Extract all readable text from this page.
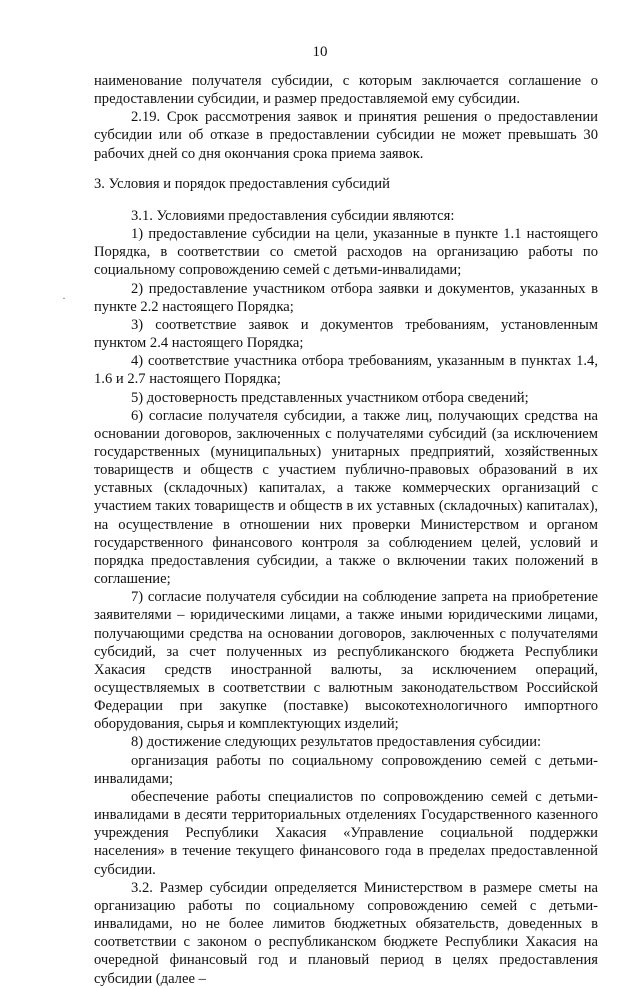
10
·

наименование получателя субсидии, с которым заключается соглашение о предоставлении субсидии, и размер предоставляемой ему субсидии.

2.19. Срок рассмотрения заявок и принятия решения о предоставлении субсидии или об отказе в предоставлении субсидии не может превышать 30 рабочих дней со дня окончания срока приема заявок.

3. Условия и порядок предоставления субсидий

3.1. Условиями предоставления субсидии являются:

1) предоставление субсидии на цели, указанные в пункте 1.1 настоящего Порядка, в соответствии со сметой расходов на организацию работы по социальному сопровождению семей с детьми-инвалидами;

2) предоставление участником отбора заявки и документов, указанных в пункте 2.2 настоящего Порядка;

3) соответствие заявок и документов требованиям, установленным пунктом 2.4 настоящего Порядка;

4) соответствие участника отбора требованиям, указанным в пунктах 1.4, 1.6 и 2.7 настоящего Порядка;

5) достоверность представленных участником отбора сведений;

6) согласие получателя субсидии, а также лиц, получающих средства на основании договоров, заключенных с получателями субсидий (за исключением государственных (муниципальных) унитарных предприятий, хозяйственных товариществ и обществ с участием публично-правовых образований в их уставных (складочных) капиталах, а также коммерческих организаций с участием таких товариществ и обществ в их уставных (складочных) капиталах), на осуществление в отношении них проверки Министерством и органом государственного финансового контроля за соблюдением целей, условий и порядка предоставления субсидии, а также о включении таких положений в соглашение;

7) согласие получателя субсидии на соблюдение запрета на приобретение заявителями – юридическими лицами, а также иными юридическими лицами, получающими средства на основании договоров, заключенных с получателями субсидий, за счет полученных из республиканского бюджета Республики Хакасия средств иностранной валюты, за исключением операций, осуществляемых в соответствии с валютным законодательством Российской Федерации при закупке (поставке) высокотехнологичного импортного оборудования, сырья и комплектующих изделий;

8) достижение следующих результатов предоставления субсидии:

организация работы по социальному сопровождению семей с детьми-инвалидами;

обеспечение работы специалистов по сопровождению семей с детьми-инвалидами в десяти территориальных отделениях Государственного казенного учреждения Республики Хакасия «Управление социальной поддержки населения» в течение текущего финансового года в пределах предоставленной субсидии.

3.2. Размер субсидии определяется Министерством в размере сметы на организацию работы по социальному сопровождению семей с детьми-инвалидами, но не более лимитов бюджетных обязательств, доведенных в соответствии с законом о республиканском бюджете Республики Хакасия на очередной финансовый год и плановый период в целях предоставления субсидии (далее –
